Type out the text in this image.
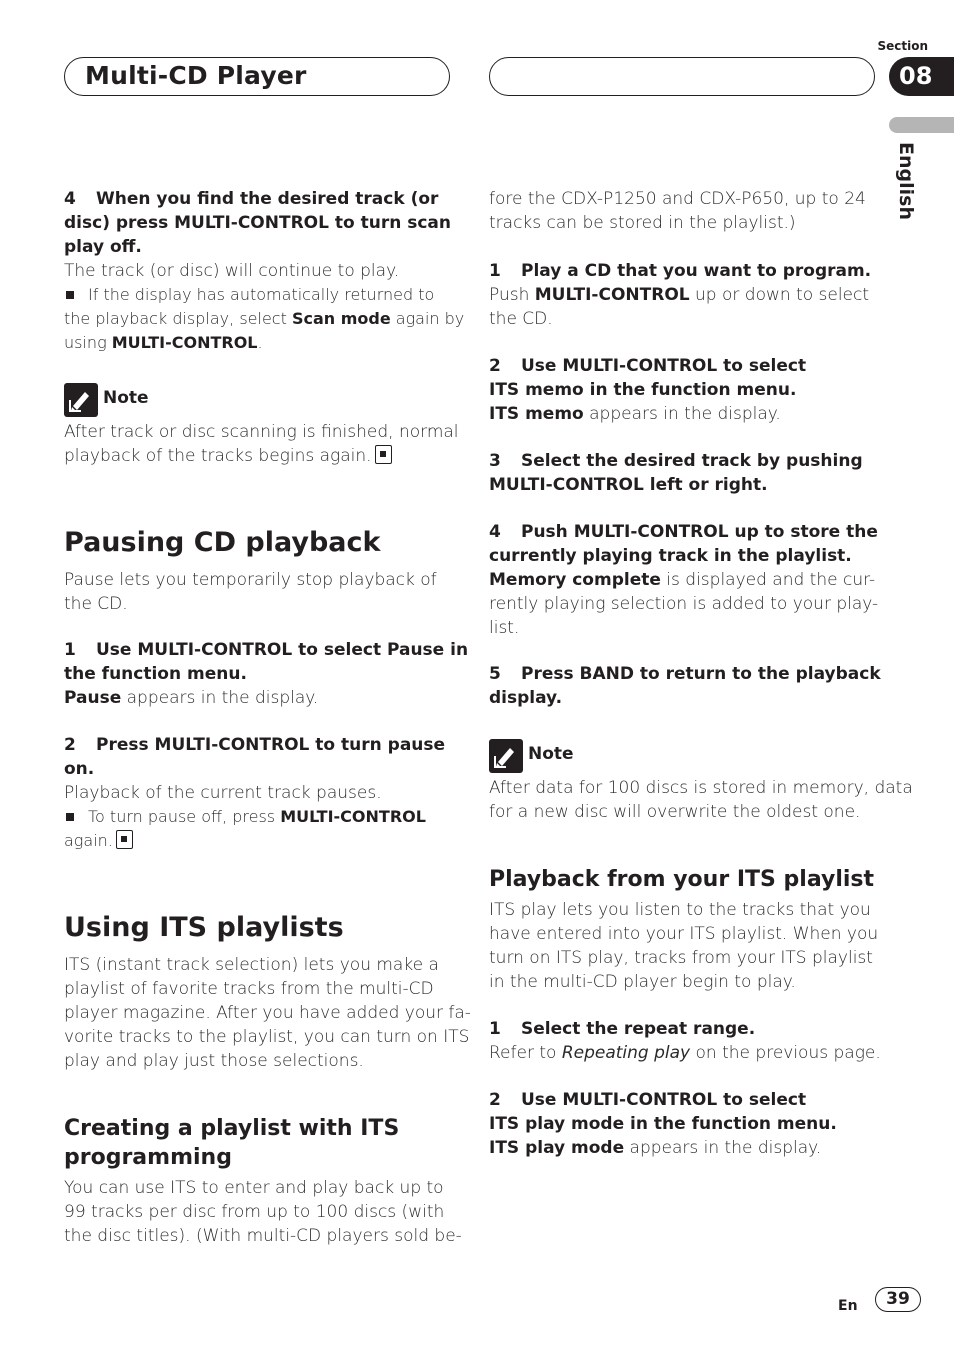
Multi-CD Player
Section
08
English
4 When you find the desired track (or
disc) press MULTI-CONTROL to turn scan
play off.
The track (or disc) will continue to play.
If the display has automatically returned to
the playback display, select Scan mode again by
using MULTI-CONTROL.
Note
After track or disc scanning is finished, normal
playback of the tracks begins again.
Pausing CD playback
Pause lets you temporarily stop playback of
the CD.
1 Use MULTI-CONTROL to select Pause in
the function menu.
Pause appears in the display.
2 Press MULTI-CONTROL to turn pause
on.
Playback of the current track pauses.
To turn pause off, press MULTI-CONTROL
again.
Using ITS playlists
ITS (instant track selection) lets you make a
playlist of favorite tracks from the multi-CD
player magazine. After you have added your fa-
vorite tracks to the playlist, you can turn on ITS
play and play just those selections.
Creating a playlist with ITS
programming
You can use ITS to enter and play back up to
99 tracks per disc from up to 100 discs (with
the disc titles). (With multi-CD players sold be-
fore the CDX-P1250 and CDX-P650, up to 24
tracks can be stored in the playlist.)
1 Play a CD that you want to program.
Push MULTI-CONTROL up or down to select
the CD.
2 Use MULTI-CONTROL to select
ITS memo in the function menu.
ITS memo appears in the display.
3 Select the desired track by pushing
MULTI-CONTROL left or right.
4 Push MULTI-CONTROL up to store the
currently playing track in the playlist.
Memory complete is displayed and the cur-
rently playing selection is added to your play-
list.
5 Press BAND to return to the playback
display.
Note
After data for 100 discs is stored in memory, data
for a new disc will overwrite the oldest one.
Playback from your ITS playlist
ITS play lets you listen to the tracks that you
have entered into your ITS playlist. When you
turn on ITS play, tracks from your ITS playlist
in the multi-CD player begin to play.
1 Select the repeat range.
Refer to Repeating play on the previous page.
2 Use MULTI-CONTROL to select
ITS play mode in the function menu.
ITS play mode appears in the display.
En	39
